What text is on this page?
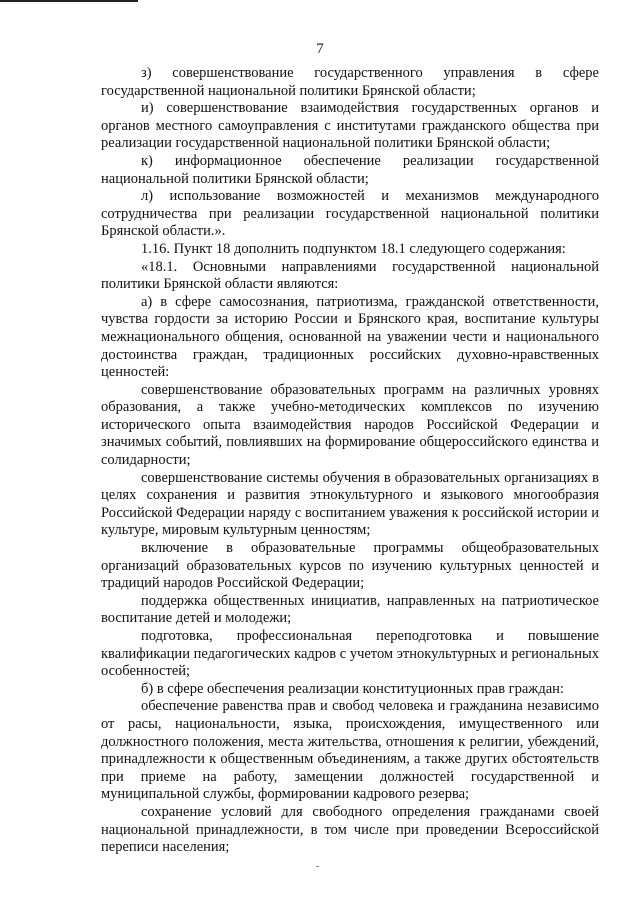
7

з) совершенствование государственного управления в сфере государственной национальной политики Брянской области;

и) совершенствование взаимодействия государственных органов и органов местного самоуправления с институтами гражданского общества при реализации государственной национальной политики Брянской области;

к) информационное обеспечение реализации государственной национальной политики Брянской области;

л) использование возможностей и механизмов международного сотрудничества при реализации государственной национальной политики Брянской области.».

1.16. Пункт 18 дополнить подпунктом 18.1 следующего содержания:

«18.1. Основными направлениями государственной национальной политики Брянской области являются:

а) в сфере самосознания, патриотизма, гражданской ответственности, чувства гордости за историю России и Брянского края, воспитание культуры межнационального общения, основанной на уважении чести и национального достоинства граждан, традиционных российских духовно-нравственных ценностей:

совершенствование образовательных программ на различных уровнях образования, а также учебно-методических комплексов по изучению исторического опыта взаимодействия народов Российской Федерации и значимых событий, повлиявших на формирование общероссийского единства и солидарности;

совершенствование системы обучения в образовательных организациях в целях сохранения и развития этнокультурного и языкового многообразия Российской Федерации наряду с воспитанием уважения к российской истории и культуре, мировым культурным ценностям;

включение в образовательные программы общеобразовательных организаций образовательных курсов по изучению культурных ценностей и традиций народов Российской Федерации;

поддержка общественных инициатив, направленных на патриотическое воспитание детей и молодежи;

подготовка, профессиональная переподготовка и повышение квалификации педагогических кадров с учетом этнокультурных и региональных особенностей;

б) в сфере обеспечения реализации конституционных прав граждан:

обеспечение равенства прав и свобод человека и гражданина независимо от расы, национальности, языка, происхождения, имущественного или должностного положения, места жительства, отношения к религии, убеждений, принадлежности к общественным объединениям, а также других обстоятельств при приеме на работу, замещении должностей государственной и муниципальной службы, формировании кадрового резерва;

сохранение условий для свободного определения гражданами своей национальной принадлежности, в том числе при проведении Всероссийской переписи населения;
